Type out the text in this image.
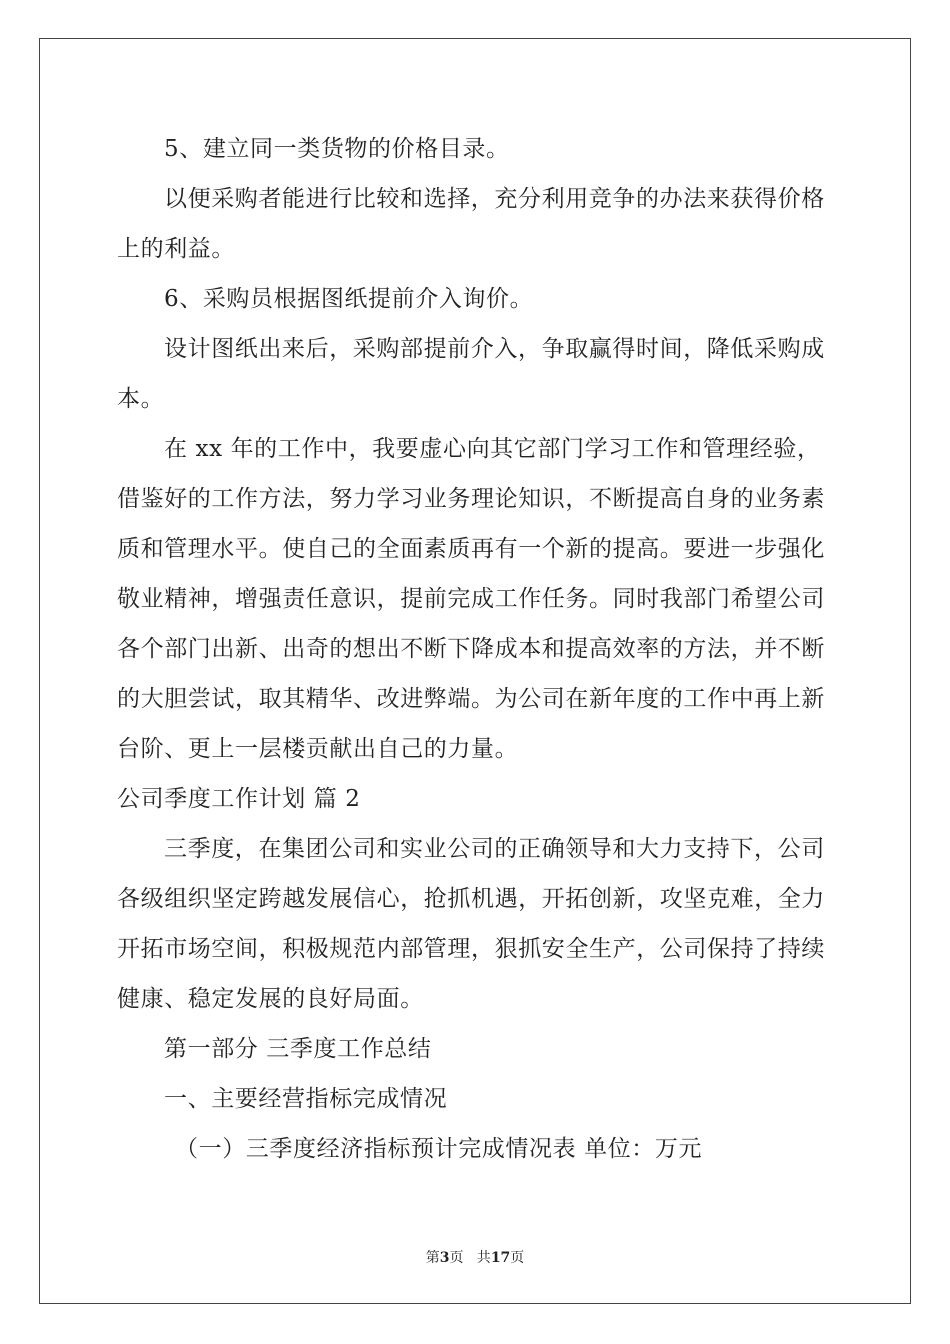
5、建立同一类货物的价格目录。
以便采购者能进行比较和选择，充分利用竞争的办法来获得价格
上的利益。
6、采购员根据图纸提前介入询价。
设计图纸出来后，采购部提前介入，争取赢得时间，降低采购成
本。
在 xx 年的工作中，我要虚心向其它部门学习工作和管理经验，
借鉴好的工作方法，努力学习业务理论知识，不断提高自身的业务素
质和管理水平。使自己的全面素质再有一个新的提高。要进一步强化
敬业精神，增强责任意识，提前完成工作任务。同时我部门希望公司
各个部门出新、出奇的想出不断下降成本和提高效率的方法，并不断
的大胆尝试，取其精华、改进弊端。为公司在新年度的工作中再上新
台阶、更上一层楼贡献出自己的力量。
公司季度工作计划 篇 2
三季度，在集团公司和实业公司的正确领导和大力支持下，公司
各级组织坚定跨越发展信心，抢抓机遇，开拓创新，攻坚克难，全力
开拓市场空间，积极规范内部管理，狠抓安全生产，公司保持了持续
健康、稳定发展的良好局面。
第一部分 三季度工作总结
一、主要经营指标完成情况
（一）三季度经济指标预计完成情况表 单位：万元
第3页   共17页
